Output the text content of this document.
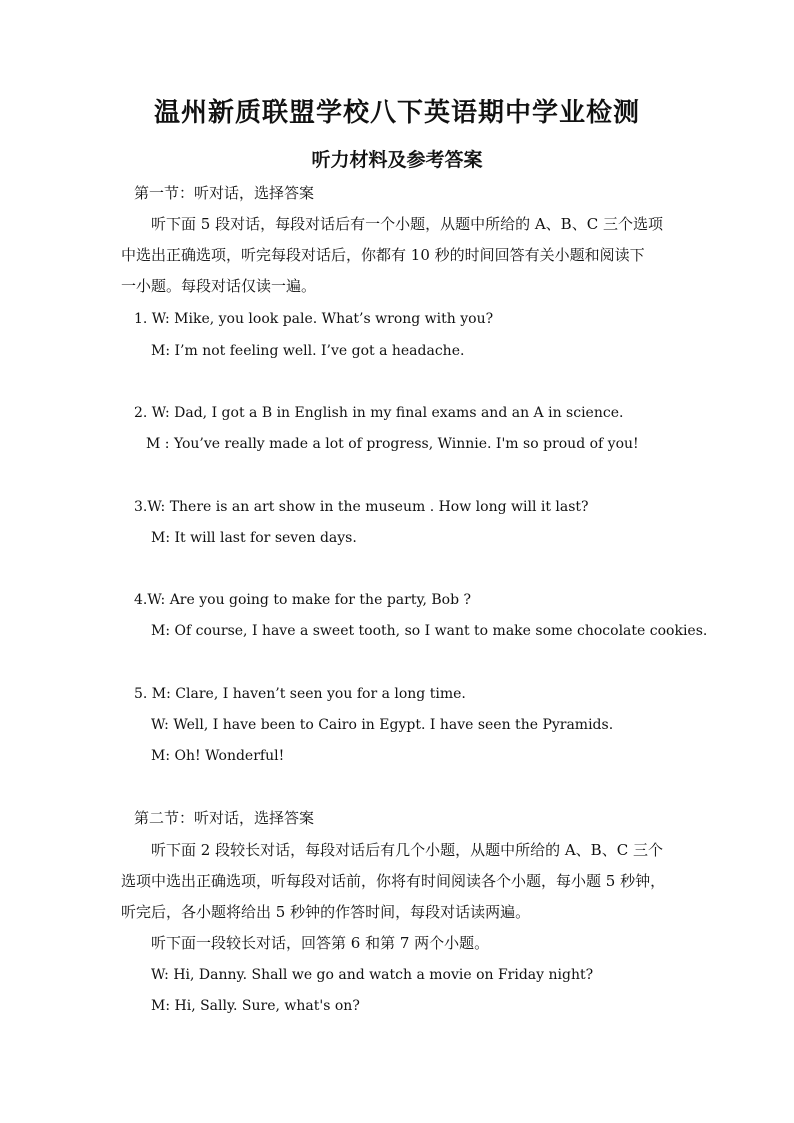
温州新质联盟学校八下英语期中学业检测
听力材料及参考答案
第一节：听对话，选择答案
听下面 5 段对话，每段对话后有一个小题，从题中所给的 A、B、C 三个选项
中选出正确选项，听完每段对话后，你都有 10 秒的时间回答有关小题和阅读下
一小题。每段对话仅读一遍。
1. W: Mike, you look pale. What’s wrong with you?
M: I’m not feeling well. I’ve got a headache.
2. W: Dad, I got a B in English in my final exams and an A in science.
M : You’ve really made a lot of progress, Winnie. I'm so proud of you!
3.W: There is an art show in the museum . How long will it last?
M: It will last for seven days.
4.W: Are you going to make for the party, Bob ?
M: Of course, I have a sweet tooth, so I want to make some chocolate cookies.
5. M: Clare, I haven’t seen you for a long time.
W: Well, I have been to Cairo in Egypt. I have seen the Pyramids.
M: Oh! Wonderful!
第二节：听对话，选择答案
听下面 2 段较长对话，每段对话后有几个小题，从题中所给的 A、B、C 三个
选项中选出正确选项，听每段对话前，你将有时间阅读各个小题，每小题 5 秒钟，
听完后，各小题将给出 5 秒钟的作答时间，每段对话读两遍。
听下面一段较长对话，回答第 6 和第 7 两个小题。
W: Hi, Danny. Shall we go and watch a movie on Friday night?
M: Hi, Sally. Sure, what's on?
